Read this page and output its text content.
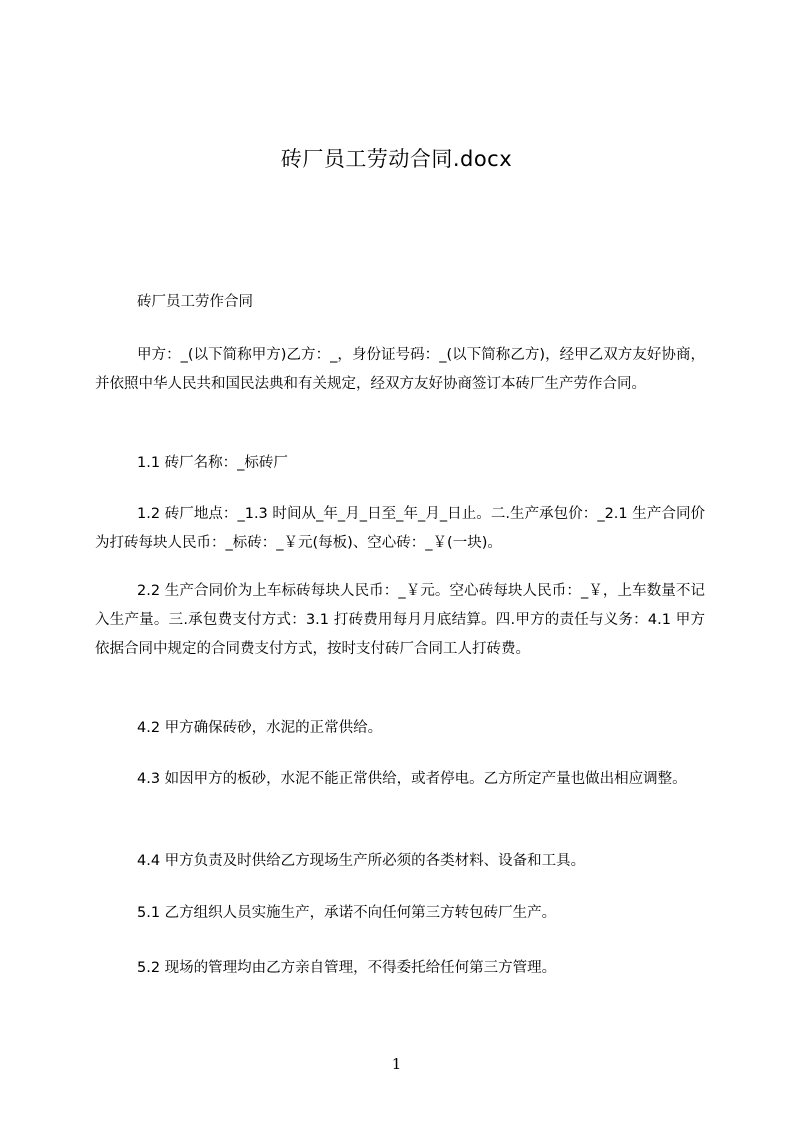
砖厂员工劳动合同.docx
砖厂员工劳作合同
甲方：_(以下简称甲方)乙方：_，身份证号码：_(以下简称乙方)，经甲乙双方友好协商，并依照中华人民共和国民法典和有关规定，经双方友好协商签订本砖厂生产劳作合同。
1.1 砖厂名称：_标砖厂
1.2 砖厂地点：_1.3 时间从_年_月_日至_年_月_日止。二.生产承包价：_2.1 生产合同价为打砖每块人民币：_标砖：_￥元(每板)、空心砖：_￥(一块)。
2.2 生产合同价为上车标砖每块人民币：_￥元。空心砖每块人民币：_￥，上车数量不记入生产量。三.承包费支付方式：3.1 打砖费用每月月底结算。四.甲方的责任与义务：4.1 甲方依据合同中规定的合同费支付方式，按时支付砖厂合同工人打砖费。
4.2 甲方确保砖砂，水泥的正常供给。
4.3 如因甲方的板砂，水泥不能正常供给，或者停电。乙方所定产量也做出相应调整。
4.4 甲方负责及时供给乙方现场生产所必须的各类材料、设备和工具。
5.1 乙方组织人员实施生产，承诺不向任何第三方转包砖厂生产。
5.2 现场的管理均由乙方亲自管理，不得委托给任何第三方管理。
1
